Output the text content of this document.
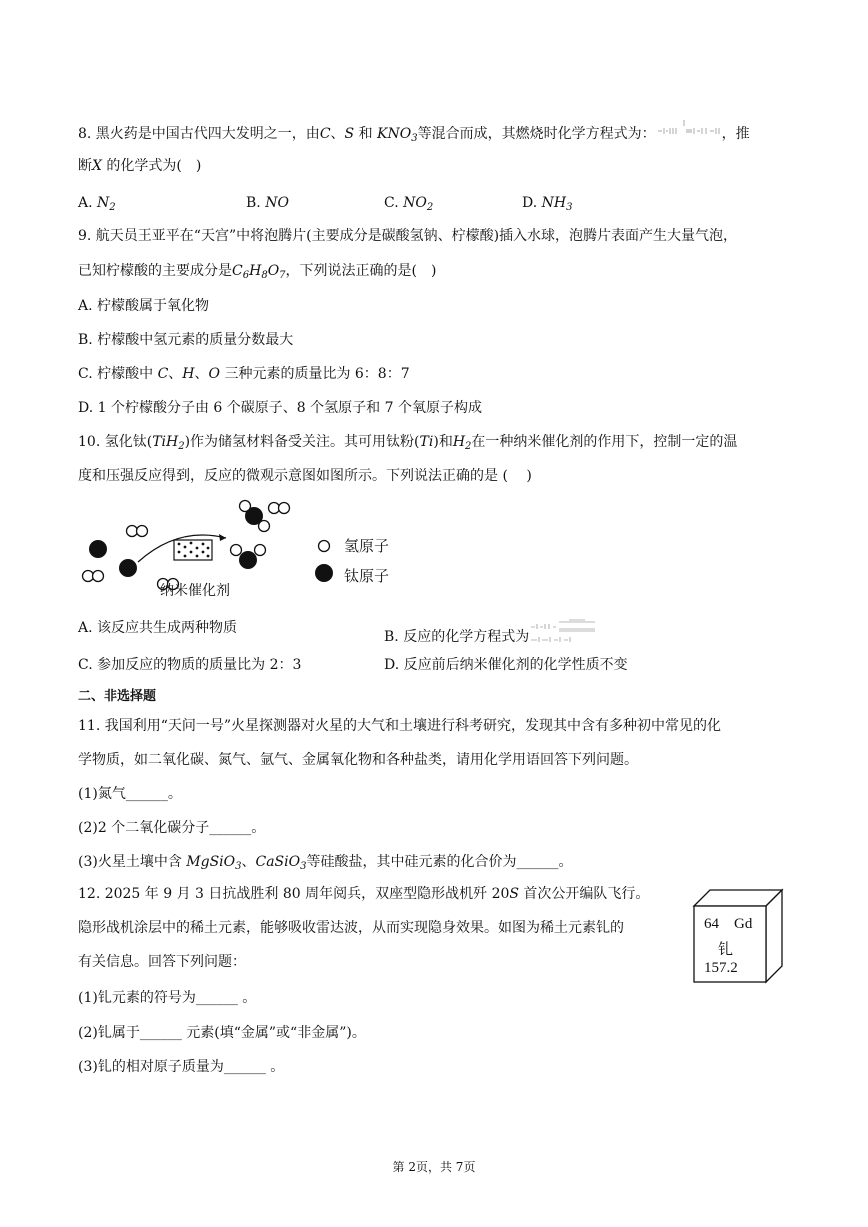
8. 黑火药是中国古代四大发明之一，由C、S 和 $KNO_3$等混合而成，其燃烧时化学方程式为：	，推
断X 的化学式为(　)
A. $N_2$	B. NO	C. $NO_2$	D. $NH_3$
9. 航天员王亚平在“天宫”中将泡腾片(主要成分是碳酸氢钠、柠檬酸)插入水球，泡腾片表面产生大量气泡，
已知柠檬酸的主要成分是$C_6H_8O_7$，下列说法正确的是(　)
A. 柠檬酸属于氧化物
B. 柠檬酸中氢元素的质量分数最大
C. 柠檬酸中 C、H、O 三种元素的质量比为 6：8：7
D. 1 个柠檬酸分子由 6 个碳原子、8 个氢原子和 7 个氧原子构成
10. 氢化钛(TiH$_2$)作为储氢材料备受关注。其可用钛粉(Ti)和$H_2$在一种纳米催化剂的作用下，控制一定的温
度和压强反应得到，反应的微观示意图如图所示。下列说法正确的是 (　 )
氢原子
钛原子
纳米催化剂
A. 该反应共生成两种物质
B. 反应的化学方程式为
C. 参加反应的物质的质量比为 2：3	D. 反应前后纳米催化剂的化学性质不变
二、非选择题
11. 我国利用“天问一号”火星探测器对火星的大气和土壤进行科考研究，发现其中含有多种初中常见的化
学物质，如二氧化碳、氮气、氩气、金属氧化物和各种盐类，请用化学用语回答下列问题。
(1)氮气______。
(2)2 个二氧化碳分子______。
(3)火星土壤中含 MgSiO$_3$、CaSiO$_3$等硅酸盐，其中硅元素的化合价为______。
12. 2025 年 9 月 3 日抗战胜利 80 周年阅兵，双座型隐形战机歼 20S 首次公开编队飞行。
隐形战机涂层中的稀土元素，能够吸收雷达波，从而实现隐身效果。如图为稀土元素钆的
有关信息。回答下列问题：
(1)钆元素的符号为______ 。
(2)钆属于______ 元素(填“金属”或“非金属”)。
(3)钆的相对原子质量为______ 。
64 Gd
钆
157.2
第 2页，共 7页
